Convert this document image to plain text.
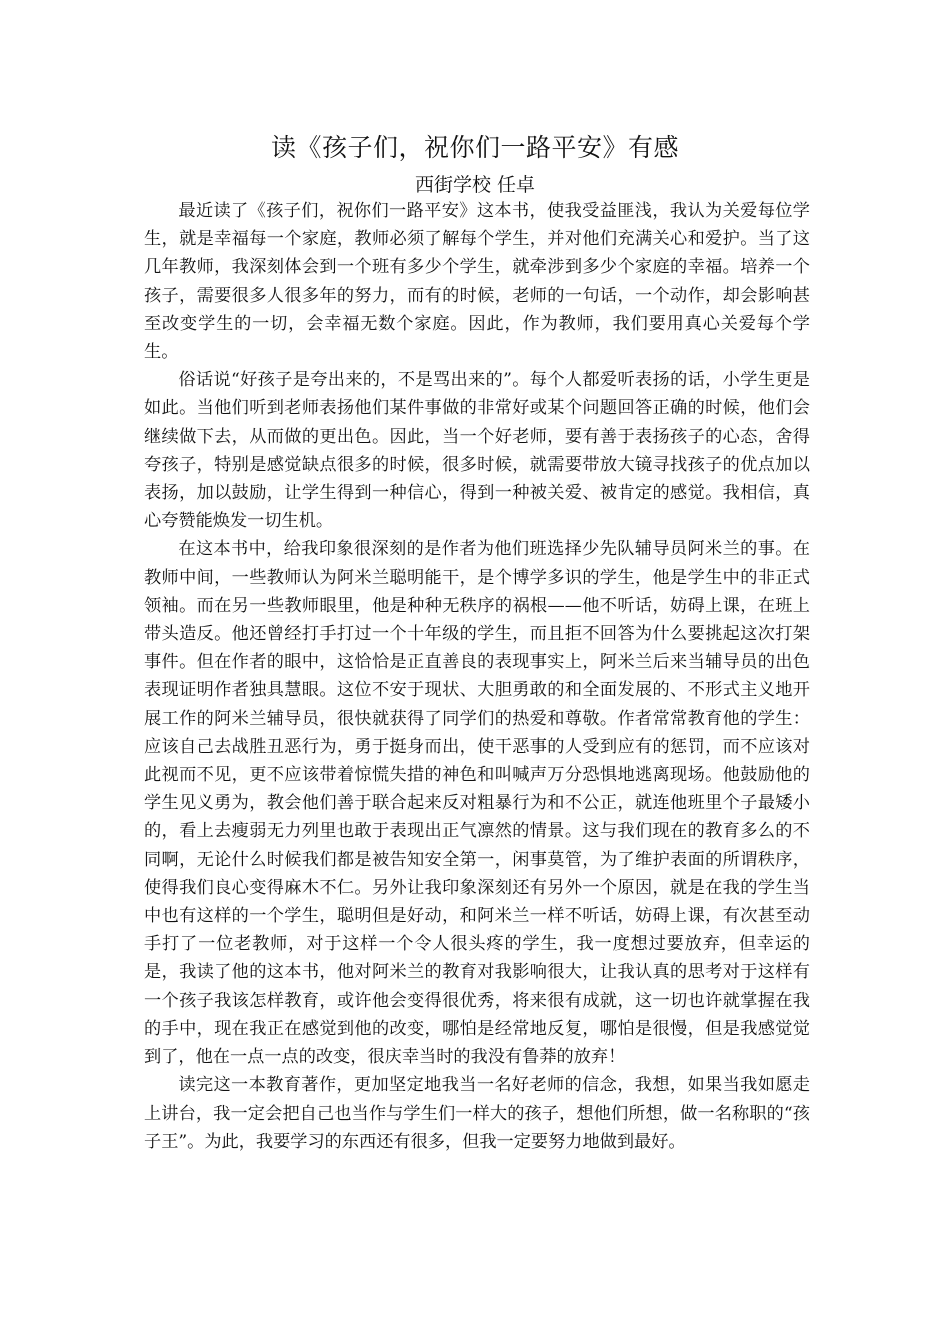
读《孩子们，祝你们一路平安》有感
西街学校 任卓

最近读了《孩子们，祝你们一路平安》这本书，使我受益匪浅，我认为关爱每位学生，就是幸福每一个家庭，教师必须了解每个学生，并对他们充满关心和爱护。当了这几年教师，我深刻体会到一个班有多少个学生，就牵涉到多少个家庭的幸福。培养一个孩子，需要很多人很多年的努力，而有的时候，老师的一句话，一个动作，却会影响甚至改变学生的一切，会幸福无数个家庭。因此，作为教师，我们要用真心关爱每个学生。

俗话说“好孩子是夸出来的，不是骂出来的”。每个人都爱听表扬的话，小学生更是如此。当他们听到老师表扬他们某件事做的非常好或某个问题回答正确的时候，他们会继续做下去，从而做的更出色。因此，当一个好老师，要有善于表扬孩子的心态，舍得夸孩子，特别是感觉缺点很多的时候，很多时候，就需要带放大镜寻找孩子的优点加以表扬，加以鼓励，让学生得到一种信心，得到一种被关爱、被肯定的感觉。我相信，真心夸赞能焕发一切生机。

在这本书中，给我印象很深刻的是作者为他们班选择少先队辅导员阿米兰的事。在教师中间，一些教师认为阿米兰聪明能干，是个博学多识的学生，他是学生中的非正式领袖。而在另一些教师眼里，他是种种无秩序的祸根——他不听话，妨碍上课，在班上带头造反。他还曾经打手打过一个十年级的学生，而且拒不回答为什么要挑起这次打架事件。但在作者的眼中，这恰恰是正直善良的表现事实上，阿米兰后来当辅导员的出色表现证明作者独具慧眼。这位不安于现状、大胆勇敢的和全面发展的、不形式主义地开展工作的阿米兰辅导员，很快就获得了同学们的热爱和尊敬。作者常常教育他的学生：应该自己去战胜丑恶行为，勇于挺身而出，使干恶事的人受到应有的惩罚，而不应该对此视而不见，更不应该带着惊慌失措的神色和叫喊声万分恐惧地逃离现场。他鼓励他的学生见义勇为，教会他们善于联合起来反对粗暴行为和不公正，就连他班里个子最矮小的，看上去瘦弱无力列里也敢于表现出正气凛然的情景。这与我们现在的教育多么的不同啊，无论什么时候我们都是被告知安全第一，闲事莫管，为了维护表面的所谓秩序，使得我们良心变得麻木不仁。另外让我印象深刻还有另外一个原因，就是在我的学生当中也有这样的一个学生，聪明但是好动，和阿米兰一样不听话，妨碍上课，有次甚至动手打了一位老教师，对于这样一个令人很头疼的学生，我一度想过要放弃，但幸运的是，我读了他的这本书，他对阿米兰的教育对我影响很大，让我认真的思考对于这样有一个孩子我该怎样教育，或许他会变得很优秀，将来很有成就，这一切也许就掌握在我的手中，现在我正在感觉到他的改变，哪怕是经常地反复，哪怕是很慢，但是我感觉觉到了，他在一点一点的改变，很庆幸当时的我没有鲁莽的放弃！

读完这一本教育著作，更加坚定地我当一名好老师的信念，我想，如果当我如愿走上讲台，我一定会把自己也当作与学生们一样大的孩子，想他们所想，做一名称职的“孩子王”。为此，我要学习的东西还有很多，但我一定要努力地做到最好。
